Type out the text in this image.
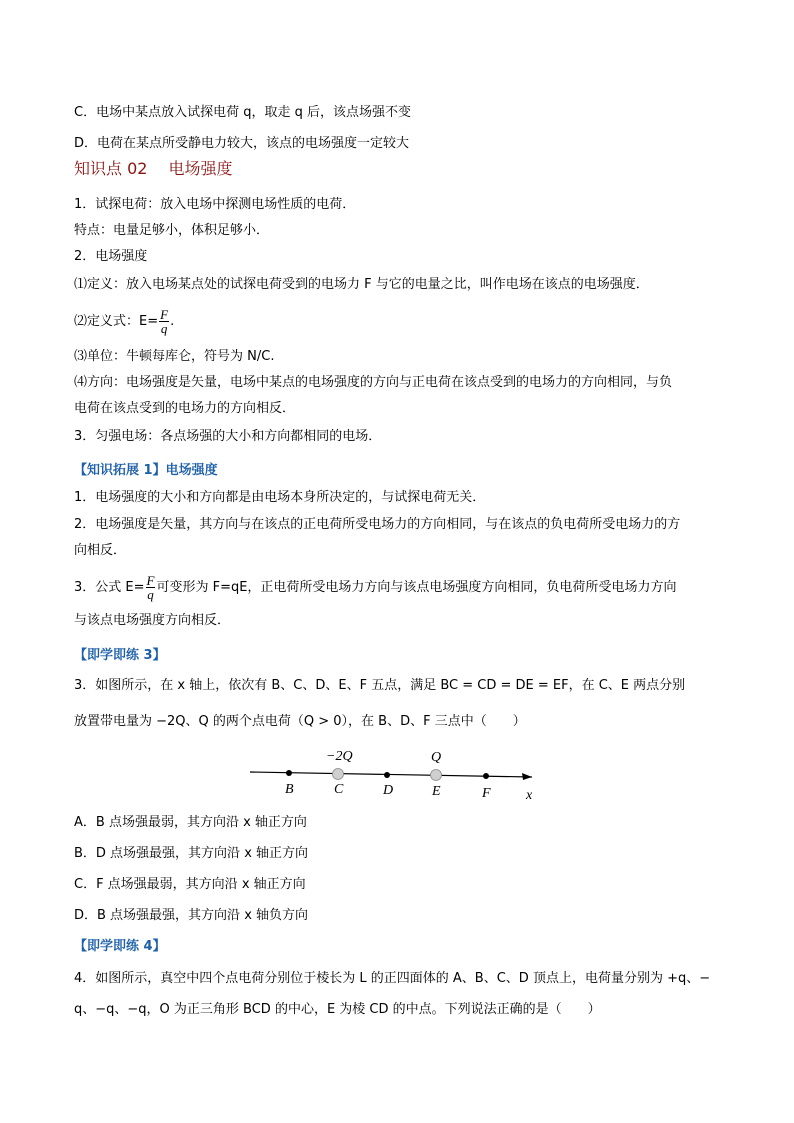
C．电场中某点放入试探电荷 q，取走 q 后，该点场强不变
D．电荷在某点所受静电力较大，该点的电场强度一定较大
知识点 02　 电场强度
1．试探电荷：放入电场中探测电场性质的电荷．
特点：电量足够小，体积足够小．
2．电场强度
⑴定义：放入电场某点处的试探电荷受到的电场力 F 与它的电量之比，叫作电场在该点的电场强度．
⑵定义式：$E= \frac{F}{q}$ .
⑶单位：牛顿每库仑，符号为 N/C.
⑷方向：电场强度是矢量，电场中某点的电场强度的方向与正电荷在该点受到的电场力的方向相同，与负
电荷在该点受到的电场力的方向相反．
3．匀强电场：各点场强的大小和方向都相同的电场．
【知识拓展 1】电场强度
1．电场强度的大小和方向都是由电场本身所决定的，与试探电荷无关．
2．电场强度是矢量，其方向与在该点的正电荷所受电场力的方向相同，与在该点的负电荷所受电场力的方
向相反．
3．公式 $E= \frac{F}{q}$ 可变形为 F=qE，正电荷所受电场力方向与该点电场强度方向相同，负电荷所受电场力方向
与该点电场强度方向相反．
【即学即练 3】
3．如图所示，在 x 轴上，依次有 B、C、D、E、F 五点，满足 BC = CD = DE = EF，在 C、E 两点分别
放置带电量为 −2Q、Q 的两个点电荷（Q > 0），在 B、D、F 三点中（　　）
−2Q	Q
B	C	D	E	F	x
A．B 点场强最弱，其方向沿 x 轴正方向
B．D 点场强最强，其方向沿 x 轴正方向
C．F 点场强最弱，其方向沿 x 轴正方向
D．B 点场强最强，其方向沿 x 轴负方向
【即学即练 4】
4．如图所示，真空中四个点电荷分别位于棱长为 L 的正四面体的 A、B、C、D 顶点上，电荷量分别为 +q、−
q、−q、−q，O 为正三角形 BCD 的中心，E 为棱 CD 的中点。下列说法正确的是（　　）
